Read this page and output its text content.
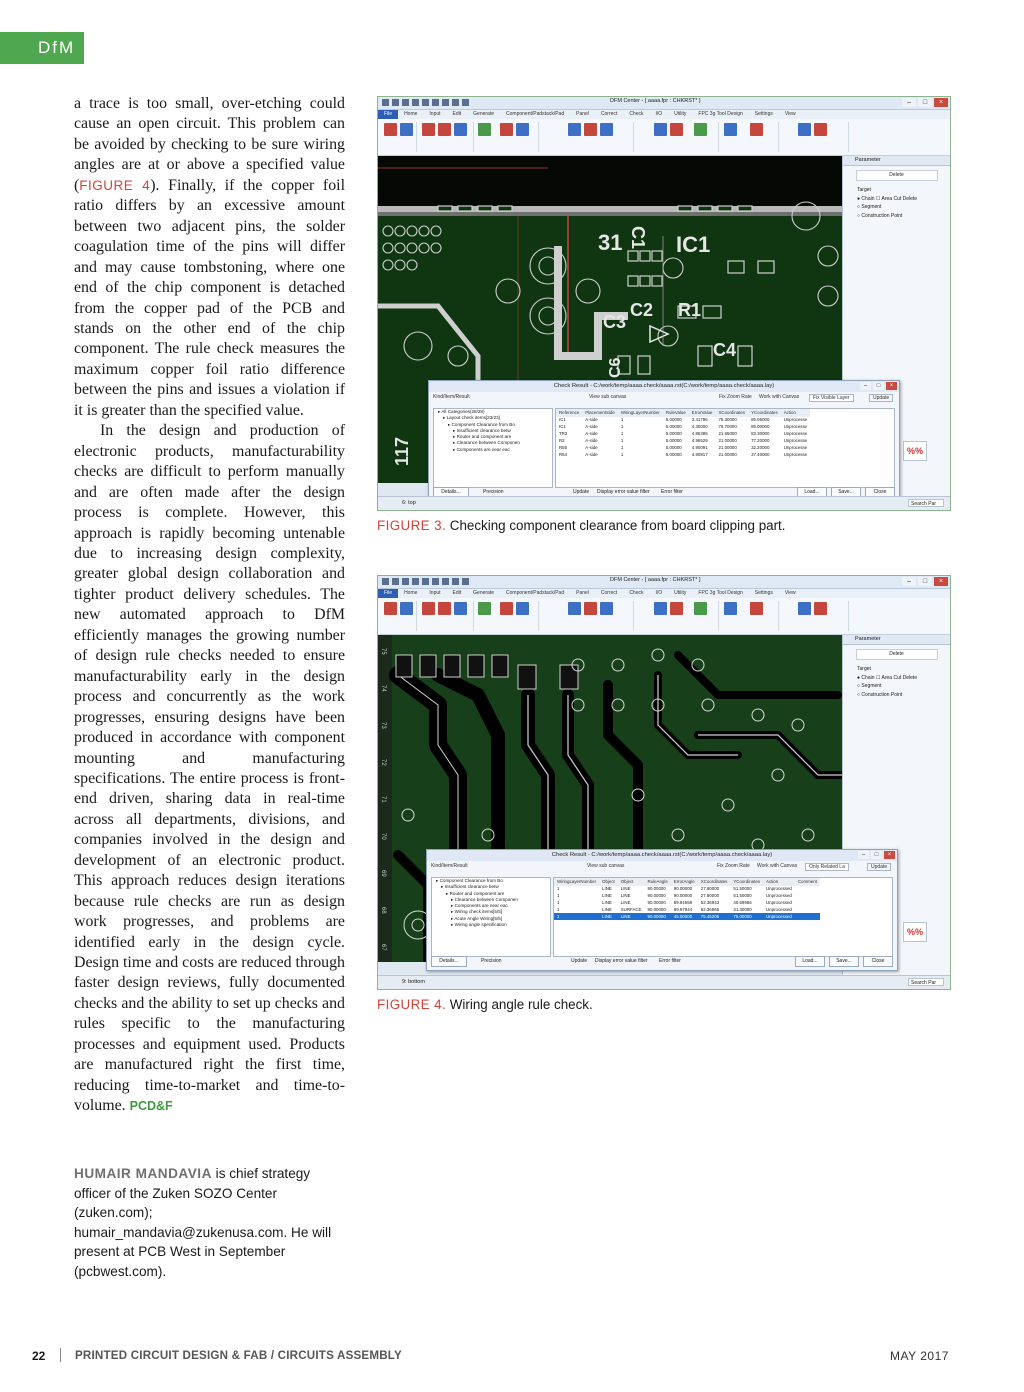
DfM

a trace is too small, over-etching could cause an open circuit. This problem can be avoided by checking to be sure wiring angles are at or above a specified value (FIGURE 4). Finally, if the copper foil ratio differs by an excessive amount between two adjacent pins, the solder coagulation time of the pins will differ and may cause tombstoning, where one end of the chip component is detached from the copper pad of the PCB and stands on the other end of the chip component. The rule check measures the maximum copper foil ratio difference between the pins and issues a violation if it is greater than the specified value.

In the design and production of electronic products, manufacturability checks are difficult to perform manually and are often made after the design process is complete. However, this approach is rapidly becoming untenable due to increasing design complexity, greater global design collaboration and tighter product delivery schedules. The new automated approach to DfM efficiently manages the growing number of design rule checks needed to ensure manufacturability early in the design process and concurrently as the work progresses, ensuring designs have been produced in accordance with component mounting and manufacturing specifications. The entire process is front-end driven, sharing data in real-time across all departments, divisions, and companies involved in the design and development of an electronic product. This approach reduces design iterations because rule checks are run as design work progresses, and problems are identified early in the design cycle. Design time and costs are reduced through faster design reviews, fully documented checks and the ability to set up checks and rules specific to the manufacturing processes and equipment used. Products are manufactured right the first time, reducing time-to-market and time-to-volume. PCD&F

HUMAIR MANDAVIA is chief strategy officer of the Zuken SOZO Center (zuken.com); humair_mandavia@zukenusa.com. He will present at PCB West in September (pcbwest.com).
DFM Center - [ aaaa.fpr : CHKRST* ]	–	□	×
File	Home	Input	Edit	Generate	Component/Padstack/Pad	Panel	Correct	Check	I/O	Utility	FPC 3g Tool Design	Settings	View
IC1
C1
C2 R1
C3
C4
C6
31
117
Parameter
Delete
Target
● Chain ☐ Area Cut Delete
○ Segment
○ Construction Point
%%
Check Result - C:/work/temp/aaaa.check/aaaa.rst(C:/work/temp/aaaa.check/aaaa.lay)	–	□	×
Kind/Item/Result	View sub canvas	Fix Zoom Rate Work with Canvas	Fix Visible Layer	Update
▸ All Categories(28/28)
▸ Layout check items[23/23]
▸ Component Clearance from Bo
▸ Insufficient clearance betw
▸ Router and component are
▸ Clearance between Componen
▸ Components are near eac
Reference	PlacementSide	WiringLayerNumber	RuleValue	ErrorValue	XCoordinates	YCoordinates	Action
IC1	A-side	1	5.00000	3.41796	75.30000	85.95000	Unprocesse
IC1	A-side	1	5.00000	4.30000	76.70000	85.00000	Unprocesse
TR2	A-side	1	5.00000	4.86385	21.65000	83.30000	Unprocesse
R2	A-side	1	5.00000	4.96529	21.00000	77.20000	Unprocesse
R55	A-side	1	5.00000	4.90091	21.00000	32.20000	Unprocesse
R54	A-side	1	5.00000	4.90817	21.00000	37.40000	Unprocesse
Details...	Precision	Update Display error value filter Error filter	Load...	Save...	Close
6: top	Search Par
FIGURE 3. Checking component clearance from board clipping part.
DFM Center - [ aaaa.fpr : CHKRST* ]	–	□	×
File	Home	Input	Edit	Generate	Component/Padstack/Pad	Panel	Correct	Check	I/O	Utility	FPC 3g Tool Design	Settings	View
75
74
73
72
71
70
69
68
67
Parameter
Delete
Target
● Chain ☐ Area Cut Delete
○ Segment
○ Construction Point
%%
Check Result - C:/work/temp/aaaa.check/aaaa.rst(C:/work/temp/aaaa.check/aaaa.lay)	–	□	×
Kind/Item/Result	View sub canvas	Fix Zoom Rate Work with Canvas	Only Related La	Update
▸ Component Clearance from Bo
▸ Insufficient clearance betw
▸ Router and component are
▸ Clearance between Componen
▸ Components are near eac
▸ Wiring check items[5/5]
▸ Acute Angle Wiring[5/5]
▸ Wiring angle specification
WiringLayerNumber	Object	Object	RuleAngle	ErrorAngle	XCoordinates	YCoordinates	Action	Comment
1	LINE	LINE	90.00000	90.00000	27.80000	51.50000	Unprocessed	
1	LINE	LINE	90.00000	90.00000	27.80000	51.50000	Unprocessed	
1	LINE	LINE	90.00000	89.94659	52.36943	40.69956	Unprocessed	
1	LINE	SURFACE	90.00000	89.97844	52.36965	41.30000	Unprocessed	
1	LINE	LINE	90.00000	45.00000	75.45206	75.00000	Unprocessed	
Details...	Precision	Update Display error value filter Error filter	Load...	Save...	Close
9: bottom	Search Par
FIGURE 4. Wiring angle rule check.
22	PRINTED CIRCUIT DESIGN & FAB / CIRCUITS ASSEMBLY	MAY 2017
